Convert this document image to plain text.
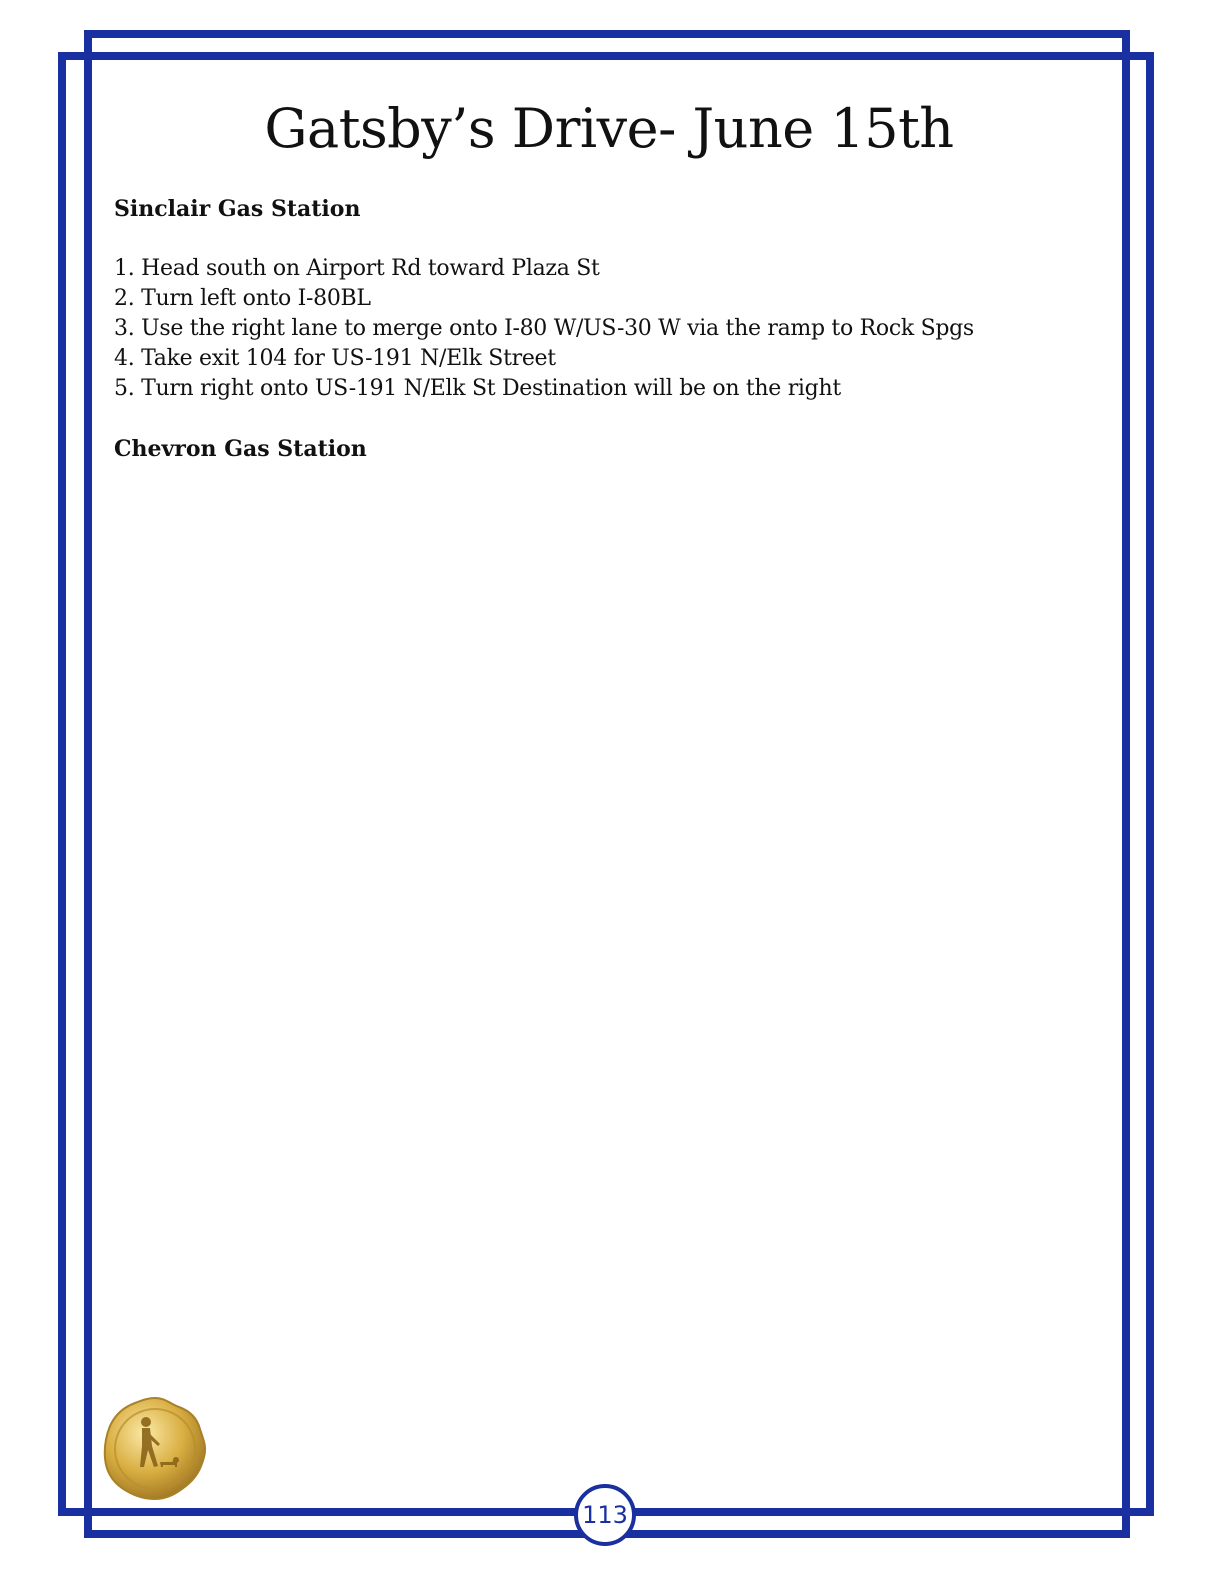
Gatsby’s Drive- June 15th
Sinclair Gas Station
1. Head south on Airport Rd toward Plaza St
2. Turn left onto I-80BL
3. Use the right lane to merge onto I-80 W/US-30 W via the ramp to Rock Spgs
4. Take exit 104 for US-191 N/Elk Street
5. Turn right onto US-191 N/Elk St Destination will be on the right
Chevron Gas Station
113
